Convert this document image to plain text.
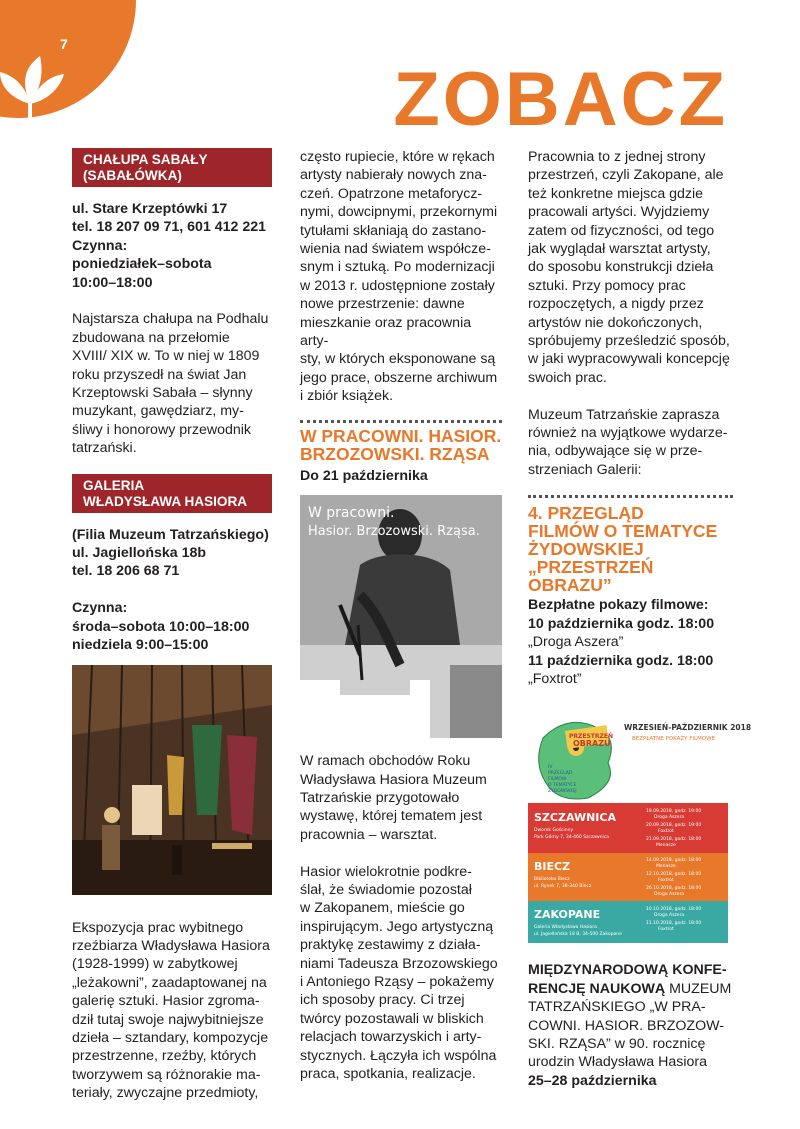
7
ZOBACZ
CHAŁUPA SABAŁY
(SABAŁÓWKA)
ul. Stare Krzeptówki 17
tel. 18 207 09 71, 601 412 221
Czynna:
poniedziałek–sobota
10:00–18:00
Najstarsza chałupa na Podhalu
zbudowana na przełomie
XVIII/ XIX w. To w niej w 1809
roku przyszedł na świat Jan
Krzeptowski Sabała – słynny
muzykant, gawędziarz, my-
śliwy i honorowy przewodnik
tatrzański.
GALERIA
WŁADYSŁAWA HASIORA
(Filia Muzeum Tatrzańskiego)
ul. Jagiellońska 18b
tel. 18 206 68 71
Czynna:
środa–sobota 10:00–18:00
niedziela 9:00–15:00
Ekspozycja prac wybitnego
rzeźbiarza Władysława Hasiora
(1928-1999) w zabytkowej
„leżakowni”, zaadaptowanej na
galerię sztuki. Hasior zgroma-
dził tutaj swoje najwybitniejsze
dzieła – sztandary, kompozycje
przestrzenne, rzeźby, których
tworzywem są różnorakie ma-
teriały, zwyczajne przedmioty,
często rupiecie, które w rękach
artysty nabierały nowych zna-
czeń. Opatrzone metaforycz-
nymi, dowcipnymi, przekornymi
tytułami skłaniają do zastano-
wienia nad światem współcze-
snym i sztuką. Po modernizacji
w 2013 r. udostępnione zostały
nowe przestrzenie: dawne
mieszkanie oraz pracownia arty-
sty, w których eksponowane są
jego prace, obszerne archiwum
i zbiór książek.
W PRACOWNI. HASIOR.
BRZOZOWSKI. RZĄSA
Do 21 października
W pracowni.
Hasior. Brzozowski. Rząsa.
W ramach obchodów Roku
Władysława Hasiora Muzeum
Tatrzańskie przygotowało
wystawę, której tematem jest
pracownia – warsztat.
Hasior wielokrotnie podkre-
ślał, że świadomie pozostał
w Zakopanem, mieście go
inspirującym. Jego artystyczną
praktykę zestawimy z działa-
niami Tadeusza Brzozowskiego
i Antoniego Rząsy – pokażemy
ich sposoby pracy. Ci trzej
twórcy pozostawali w bliskich
relacjach towarzyskich i arty-
stycznych. Łączyła ich wspólna
praca, spotkania, realizacje.
Pracownia to z jednej strony
przestrzeń, czyli Zakopane, ale
też konkretne miejsca gdzie
pracowali artyści. Wyjdziemy
zatem od fizyczności, od tego
jak wyglądał warsztat artysty,
do sposobu konstrukcji dzieła
sztuki. Przy pomocy prac
rozpoczętych, a nigdy przez
artystów nie dokończonych,
spróbujemy prześledzić sposób,
w jaki wypracowywali koncepcję
swoich prac.
Muzeum Tatrzańskie zaprasza
również na wyjątkowe wydarze-
nia, odbywające się w prze-
strzeniach Galerii:
4. PRZEGLĄD
FILMÓW O TEMATYCE
ŻYDOWSKIEJ
„PRZESTRZEŃ OBRAZU”
Bezpłatne pokazy filmowe:
10 października godz. 18:00
„Droga Aszera”
11 października godz. 18:00
„Foxtrot”
PRZESTRZEŃ
OBRAZU
IV
PRZEGLĄD
FILMÓW
O TEMATYCE
ŻYDOWSKIEJ
WRZESIEŃ-PAŹDZIERNIK 2018
BEZPŁATNE POKAZY FILMOWE
SZCZAWNICA
Dworek Gościnny
Park Górny 7, 34-460 Szczawnica
19.09.2018, godz. 19:00
Droga Aszera
20.09.2018, godz. 19:00
Foxtrot
21.09.2018, godz. 18:00
Menasze
BIECZ
Biblioteka Biecz
ul. Rynek 7, 38-340 Biecz
14.09.2018, godz. 18:00
Menasze
12.10.2018, godz. 18:00
Foxtrot
26.10.2018, godz. 18:00
Droga Aszera
ZAKOPANE
Galeria Władysława Hasiora
ul. Jagiellońska 18 B, 34-500 Zakopane
10.10.2018, godz. 18:00
Droga Aszera
11.10.2018, godz. 18:00
Foxtrot
MIĘDZYNARODOWĄ KONFE-
RENCJĘ NAUKOWĄ MUZEUM
TATRZAŃSKIEGO „W PRA-
COWNI. HASIOR. BRZOZOW-
SKI. RZĄSA” w 90. rocznicę
urodzin Władysława Hasiora
25–28 października
